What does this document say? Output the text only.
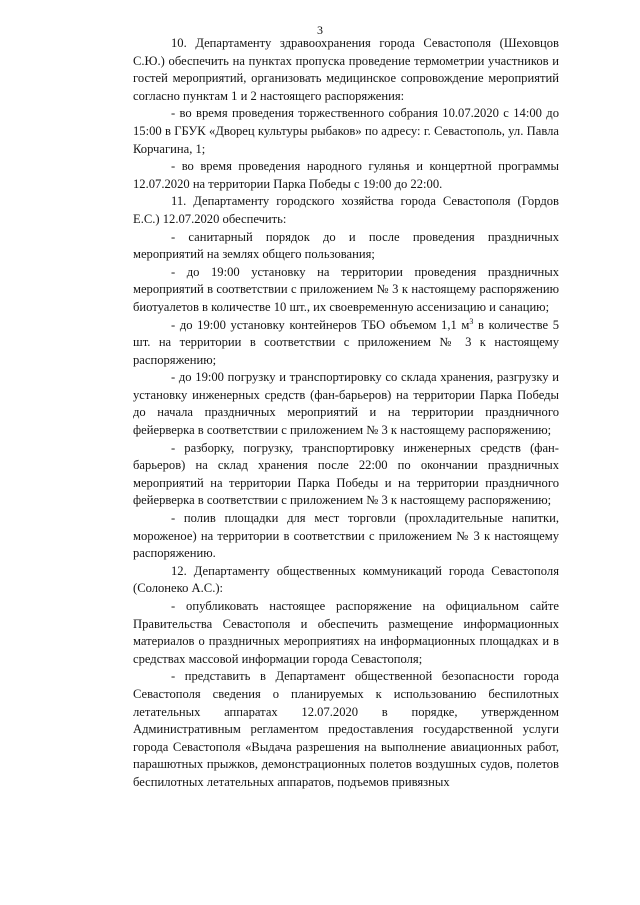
3

10. Департаменту здравоохранения города Севастополя (Шеховцов С.Ю.) обеспечить на пунктах пропуска проведение термометрии участников и гостей мероприятий, организовать медицинское сопровождение мероприятий согласно пунктам 1 и 2 настоящего распоряжения:

- во время проведения торжественного собрания 10.07.2020 с 14:00 до 15:00 в ГБУК «Дворец культуры рыбаков» по адресу: г. Севастополь, ул. Павла Корчагина, 1;

- во время проведения народного гулянья и концертной программы 12.07.2020 на территории Парка Победы с 19:00 до 22:00.

11. Департаменту городского хозяйства города Севастополя (Гордов Е.С.) 12.07.2020 обеспечить:

- санитарный порядок до и после проведения праздничных мероприятий на землях общего пользования;

- до 19:00 установку на территории проведения праздничных мероприятий в соответствии с приложением № 3 к настоящему распоряжению биотуалетов в количестве 10 шт., их своевременную ассенизацию и санацию;

- до 19:00 установку контейнеров ТБО объемом 1,1 $м^3$ в количестве 5 шт. на территории в соответствии с приложением № 3 к настоящему распоряжению;

- до 19:00 погрузку и транспортировку со склада хранения, разгрузку и установку инженерных средств (фан-барьеров) на территории Парка Победы до начала праздничных мероприятий и на территории праздничного фейерверка в соответствии с приложением № 3 к настоящему распоряжению;

- разборку, погрузку, транспортировку инженерных средств (фан-барьеров) на склад хранения после 22:00 по окончании праздничных мероприятий на территории Парка Победы и на территории праздничного фейерверка в соответствии с приложением № 3 к настоящему распоряжению;

- полив площадки для мест торговли (прохладительные напитки, мороженое) на территории в соответствии с приложением № 3 к настоящему распоряжению.

12. Департаменту общественных коммуникаций города Севастополя (Солонеко А.С.):

- опубликовать настоящее распоряжение на официальном сайте Правительства Севастополя и обеспечить размещение информационных материалов о праздничных мероприятиях на информационных площадках и в средствах массовой информации города Севастополя;

- представить в Департамент общественной безопасности города Севастополя сведения о планируемых к использованию беспилотных летательных аппаратах 12.07.2020 в порядке, утвержденном Административным регламентом предоставления государственной услуги города Севастополя «Выдача разрешения на выполнение авиационных работ, парашютных прыжков, демонстрационных полетов воздушных судов, полетов беспилотных летательных аппаратов, подъемов привязных
